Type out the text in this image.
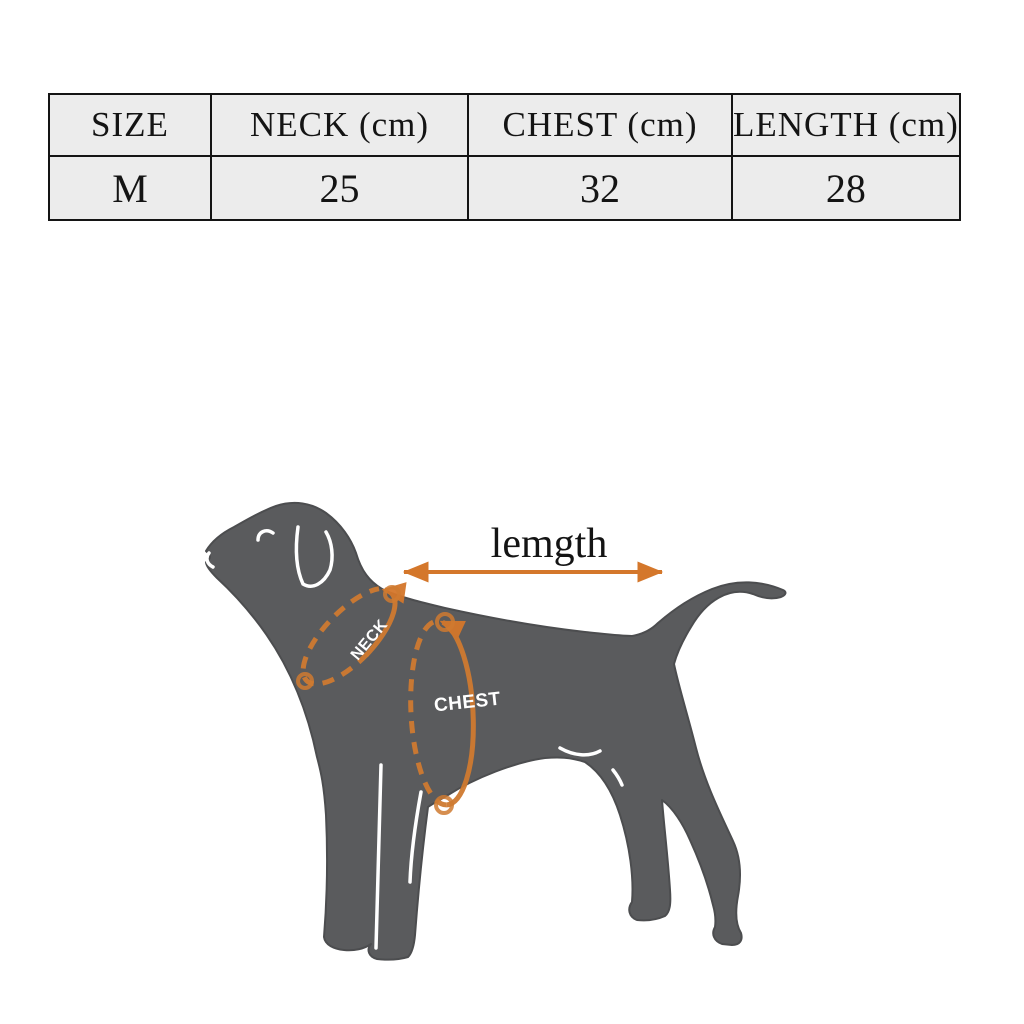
SIZE	NECK (cm)	CHEST (cm)	LENGTH (cm)
M	25	32	28
NECK
CHEST
lemgth
